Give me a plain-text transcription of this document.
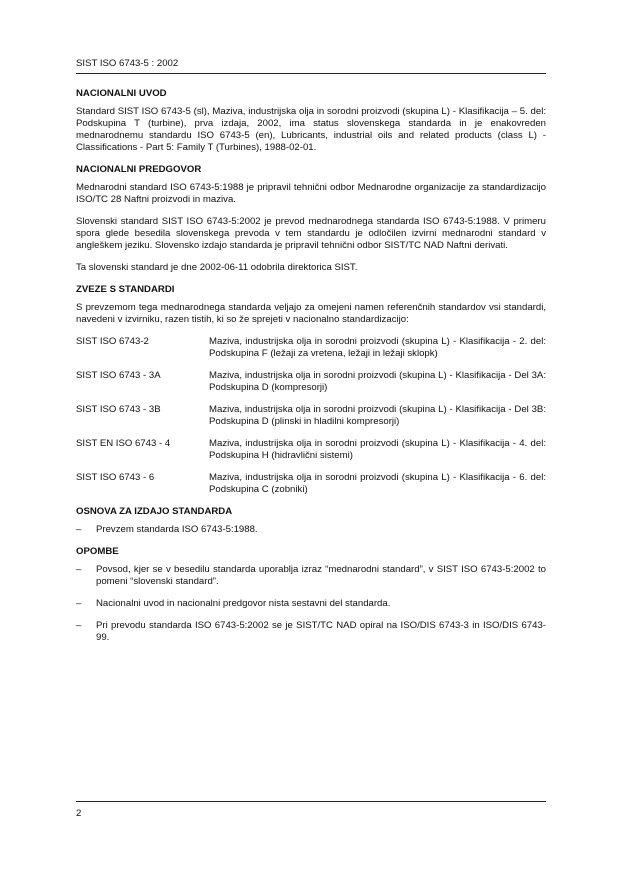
SIST ISO 6743-5 : 2002
NACIONALNI UVOD

Standard SIST ISO 6743-5 (sl), Maziva, industrijska olja in sorodni proizvodi (skupina L) - Klasifikacija – 5. del: Podskupina T (turbine), prva izdaja, 2002, ima status slovenskega standarda in je enakovreden mednarodnemu standardu ISO 6743-5 (en), Lubricants, industrial oils and related products (class L) - Classifications - Part 5: Family T (Turbines), 1988-02-01.

NACIONALNI PREDGOVOR

Mednarodni standard ISO 6743-5:1988 je pripravil tehnični odbor Mednarodne organizacije za standardizacijo ISO/TC 28 Naftni proizvodi in maziva.

Slovenski standard SIST ISO 6743-5:2002 je prevod mednarodnega standarda ISO 6743-5:1988. V primeru spora glede besedila slovenskega prevoda v tem standardu je odločilen izvirni mednarodni standard v angleškem jeziku. Slovensko izdajo standarda je pripravil tehnični odbor SIST/TC NAD Naftni derivati.

Ta slovenski standard je dne 2002-06-11 odobrila direktorica SIST.

ZVEZE S STANDARDI

S prevzemom tega mednarodnega standarda veljajo za omejeni namen referenčnih standardov vsi standardi, navedeni v izvirniku, razen tistih, ki so že sprejeti v nacionalno standardizacijo:

SIST ISO 6743-2	Maziva, industrijska olja in sorodni proizvodi (skupina L) - Klasifikacija - 2. del: Podskupina F (ležaji za vretena, ležaji in ležaji sklopk)
SIST ISO 6743 - 3A	Maziva, industrijska olja in sorodni proizvodi (skupina L) - Klasifikacija - Del 3A: Podskupina D (kompresorji)
SIST ISO 6743 - 3B	Maziva, industrijska olja in sorodni proizvodi (skupina L) - Klasifikacija - Del 3B: Podskupina D (plinski in hladilni kompresorji)
SIST EN ISO 6743 - 4	Maziva, industrijska olja in sorodni proizvodi (skupina L) - Klasifikacija - 4. del: Podskupina H (hidravlični sistemi)
SIST ISO 6743 - 6	Maziva, industrijska olja in sorodni proizvodi (skupina L) - Klasifikacija - 6. del: Podskupina C (zobniki)
OSNOVA ZA IZDAJO STANDARDA
–	Prevzem standarda ISO 6743-5:1988.
OPOMBE
–	Povsod, kjer se v besedilu standarda uporablja izraz “mednarodni standard”, v SIST ISO 6743-5:2002 to pomeni “slovenski standard”.
–	Nacionalni uvod in nacionalni predgovor nista sestavni del standarda.
–	Pri prevodu standarda ISO 6743-5:2002 se je SIST/TC NAD opiral na ISO/DIS 6743-3 in ISO/DIS 6743-99.
2
